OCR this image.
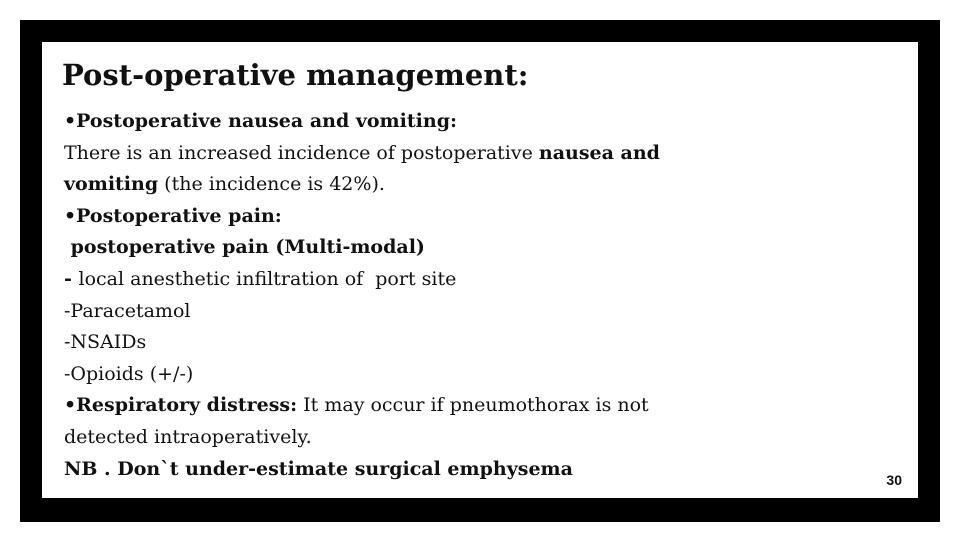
Post-operative management:
•Postoperative nausea and vomiting:
There is an increased incidence of postoperative nausea and
vomiting (the incidence is 42%).
•Postoperative pain:
postoperative pain (Multi-modal)
- local anesthetic infiltration of  port site
-Paracetamol
-NSAIDs
-Opioids (+/-)
•Respiratory distress: It may occur if pneumothorax is not
detected intraoperatively.
NB . Don`t under-estimate surgical emphysema
30
